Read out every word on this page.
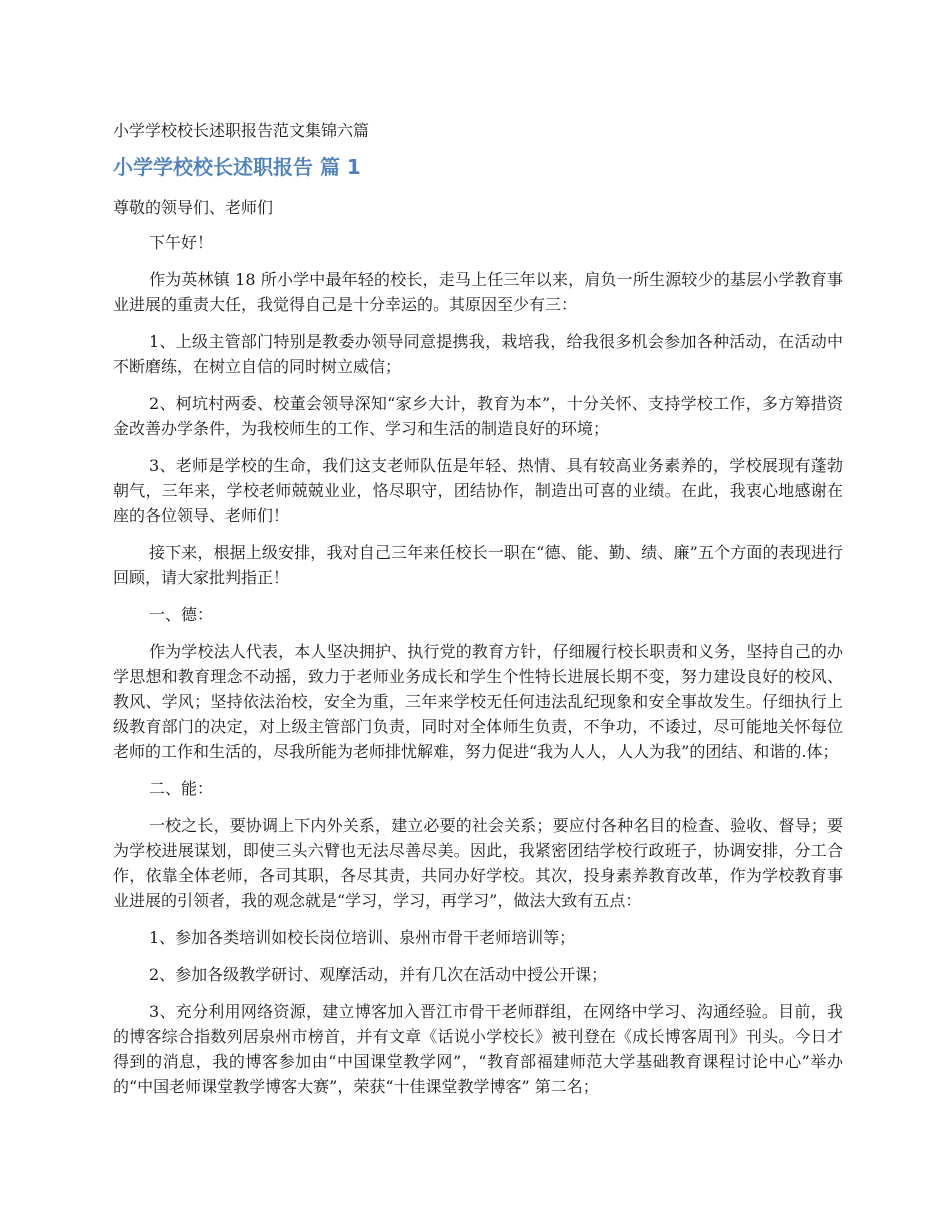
小学学校校长述职报告范文集锦六篇

小学学校校长述职报告 篇 1

尊敬的领导们、老师们

下午好！

作为英林镇 18 所小学中最年轻的校长，走马上任三年以来，肩负一所生源较少的基层小学教育事业进展的重责大任，我觉得自己是十分幸运的。其原因至少有三：

1、上级主管部门特别是教委办领导同意提携我，栽培我，给我很多机会参加各种活动，在活动中不断磨练，在树立自信的同时树立威信；

2、柯坑村两委、校董会领导深知“家乡大计，教育为本”，十分关怀、支持学校工作，多方筹措资金改善办学条件，为我校师生的工作、学习和生活的制造良好的环境；

3、老师是学校的生命，我们这支老师队伍是年轻、热情、具有较高业务素养的，学校展现有蓬勃朝气，三年来，学校老师兢兢业业，恪尽职守，团结协作，制造出可喜的业绩。在此，我衷心地感谢在座的各位领导、老师们！

接下来，根据上级安排，我对自己三年来任校长一职在“德、能、勤、绩、廉”五个方面的表现进行回顾，请大家批判指正！

一、德：

作为学校法人代表，本人坚决拥护、执行党的教育方针，仔细履行校长职责和义务，坚持自己的办学思想和教育理念不动摇，致力于老师业务成长和学生个性特长进展长期不变，努力建设良好的校风、教风、学风；坚持依法治校，安全为重，三年来学校无任何违法乱纪现象和安全事故发生。仔细执行上级教育部门的决定，对上级主管部门负责，同时对全体师生负责，不争功，不诿过，尽可能地关怀每位老师的工作和生活的，尽我所能为老师排忧解难，努力促进“我为人人，人人为我”的团结、和谐的.体；

二、能：

一校之长，要协调上下内外关系，建立必要的社会关系；要应付各种名目的检查、验收、督导；要为学校进展谋划，即使三头六臂也无法尽善尽美。因此，我紧密团结学校行政班子，协调安排，分工合作，依靠全体老师，各司其职，各尽其责，共同办好学校。其次，投身素养教育改革，作为学校教育事业进展的引领者，我的观念就是“学习，学习，再学习”，做法大致有五点：

1、参加各类培训如校长岗位培训、泉州市骨干老师培训等；

2、参加各级教学研讨、观摩活动，并有几次在活动中授公开课；

3、充分利用网络资源，建立博客加入晋江市骨干老师群组，在网络中学习、沟通经验。目前，我的博客综合指数列居泉州市榜首，并有文章《话说小学校长》被刊登在《成长博客周刊》刊头。今日才得到的消息，我的博客参加由“中国课堂教学网”，“教育部福建师范大学基础教育课程讨论中心”举办的“中国老师课堂教学博客大赛”，荣获“十佳课堂教学博客” 第二名；
